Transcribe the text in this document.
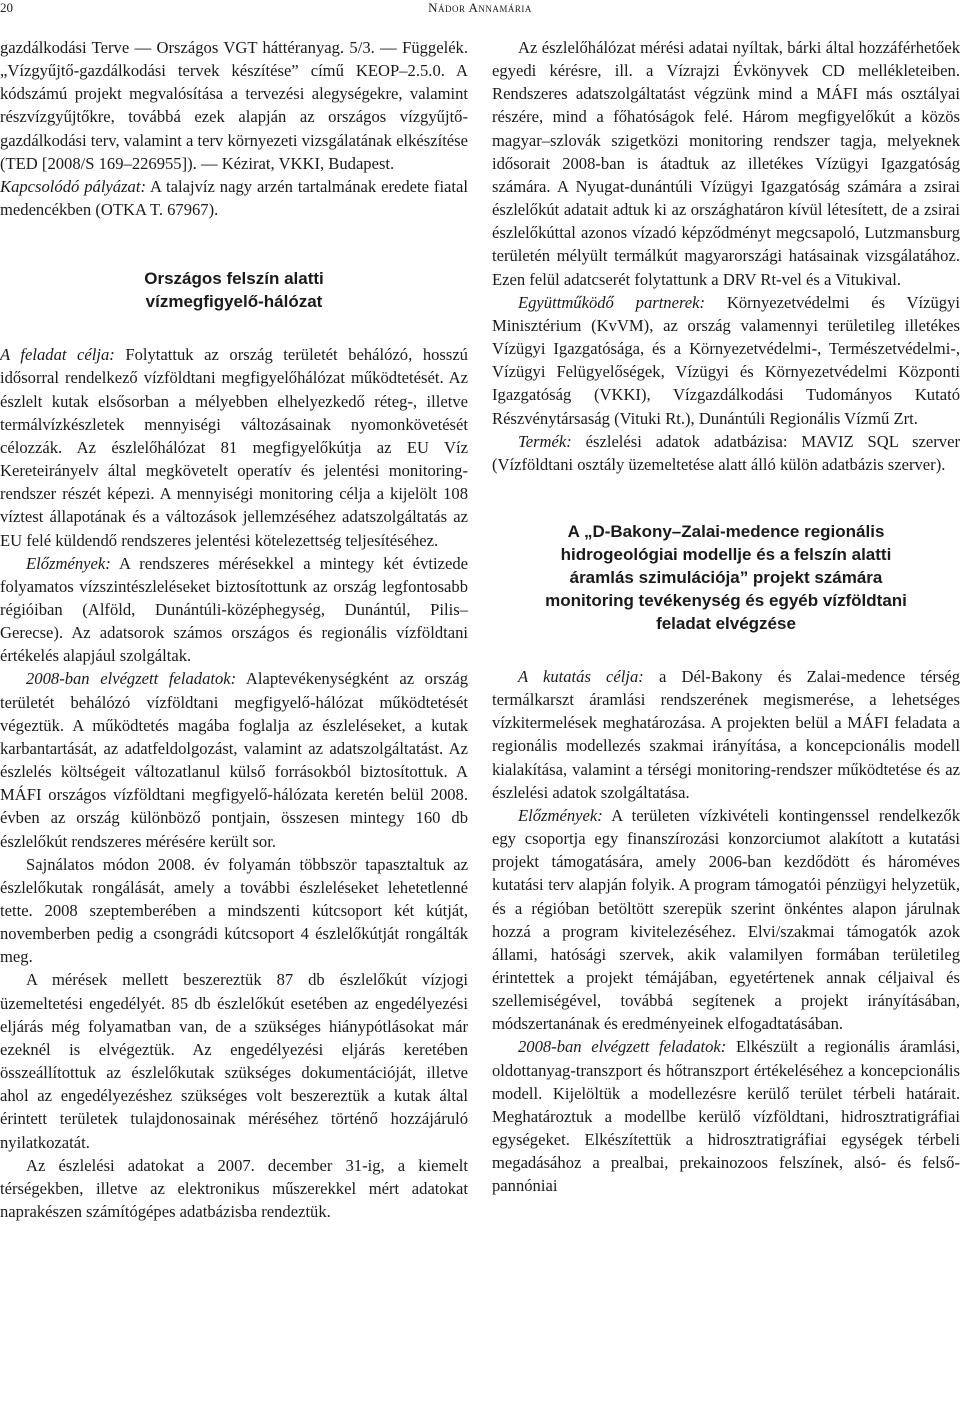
20	Nádor Annamária

gazdálkodási Terve — Országos VGT háttéranyag. 5/3. — Függelék. „Vízgyűjtő-gazdálkodási tervek készítése” című KEOP–2.5.0. A kódszámú projekt megvalósítása a tervezési alegységekre, valamint részvízgyűjtőkre, továbbá ezek alapján az országos vízgyűjtő-gazdálkodási terv, valamint a terv környezeti vizsgálatának elkészítése (TED [2008/S 169–226955]). — Kézirat, VKKI, Budapest.

Kapcsolódó pályázat: A talajvíz nagy arzén tartalmának eredete fiatal medencékben (OTKA T. 67967).

Országos felszín alatti
vízmegfigyelő-hálózat

A feladat célja: Folytattuk az ország területét behálózó, hosszú idősorral rendelkező vízföldtani megfigyelőhálózat működtetését. Az észlelt kutak elsősorban a mélyebben elhelyezkedő réteg-, illetve termálvízkészletek mennyiségi változásainak nyomonkövetését célozzák. Az észlelőhálózat 81 megfigyelőkútja az EU Víz Kereteirányelv által megkövetelt operatív és jelentési monitoring-rendszer részét képezi. A mennyiségi monitoring célja a kijelölt 108 víztest állapotának és a változások jellemzéséhez adatszolgáltatás az EU felé küldendő rendszeres jelentési kötelezettség teljesítéséhez.

Előzmények: A rendszeres mérésekkel a mintegy két évtizede folyamatos vízszintészleléseket biztosítottunk az ország legfontosabb régióiban (Alföld, Dunántúli-középhegység, Dunántúl, Pilis–Gerecse). Az adatsorok számos országos és regionális vízföldtani értékelés alapjául szolgáltak.

2008-ban elvégzett feladatok: Alaptevékenységként az ország területét behálózó vízföldtani megfigyelő-hálózat működtetését végeztük. A működtetés magába foglalja az észleléseket, a kutak karbantartását, az adatfeldolgozást, valamint az adatszolgáltatást. Az észlelés költségeit változatlanul külső forrásokból biztosítottuk. A MÁFI országos vízföldtani megfigyelő-hálózata keretén belül 2008. évben az ország különböző pontjain, összesen mintegy 160 db észlelőkút rendszeres mérésére került sor.

Sajnálatos módon 2008. év folyamán többször tapasztaltuk az észlelőkutak rongálását, amely a további észleléseket lehetetlenné tette. 2008 szeptemberében a mindszenti kútcsoport két kútját, novemberben pedig a csongrádi kútcsoport 4 észlelőkútját rongálták meg.

A mérések mellett beszereztük 87 db észlelőkút vízjogi üzemeltetési engedélyét. 85 db észlelőkút esetében az engedélyezési eljárás még folyamatban van, de a szükséges hiánypótlásokat már ezeknél is elvégeztük. Az engedélyezési eljárás keretében összeállítottuk az észlelőkutak szükséges dokumentációját, illetve ahol az engedélyezéshez szükséges volt beszereztük a kutak által érintett területek tulajdonosainak méréséhez történő hozzájáruló nyilatkozatát.

Az észlelési adatokat a 2007. december 31-ig, a kiemelt térségekben, illetve az elektronikus műszerekkel mért adatokat naprakészen számítógépes adatbázisba rendeztük.

Az észlelőhálózat mérési adatai nyíltak, bárki által hozzáférhetőek egyedi kérésre, ill. a Vízrajzi Évkönyvek CD mellékleteiben. Rendszeres adatszolgáltatást végzünk mind a MÁFI más osztályai részére, mind a főhatóságok felé. Három megfigyelőkút a közös magyar–szlovák szigetközi monitoring rendszer tagja, melyeknek idősorait 2008-ban is átadtuk az illetékes Vízügyi Igazgatóság számára. A Nyugat-dunántúli Vízügyi Igazgatóság számára a zsirai észlelőkút adatait adtuk ki az országhatáron kívül létesített, de a zsirai észlelőkúttal azonos vízadó képződményt megcsapoló, Lutzmansburg területén mélyült termálkút magyarországi hatásainak vizsgálatához. Ezen felül adatcserét folytattunk a DRV Rt-vel és a Vitukival.

Együttműködő partnerek: Környezetvédelmi és Vízügyi Minisztérium (KvVM), az ország valamennyi területileg illetékes Vízügyi Igazgatósága, és a Környezetvédelmi-, Természetvédelmi-, Vízügyi Felügyelőségek, Vízügyi és Környezetvédelmi Központi Igazgatóság (VKKI), Vízgazdálkodási Tudományos Kutató Részvénytársaság (Vituki Rt.), Dunántúli Regionális Vízmű Zrt.

Termék: észlelési adatok adatbázisa: MAVIZ SQL szerver (Vízföldtani osztály üzemeltetése alatt álló külön adatbázis szerver).

A „D-Bakony–Zalai-medence regionális
hidrogeológiai modellje és a felszín alatti
áramlás szimulációja” projekt számára
monitoring tevékenység és egyéb vízföldtani
feladat elvégzése

A kutatás célja: a Dél-Bakony és Zalai-medence térség termálkarszt áramlási rendszerének megismerése, a lehetséges vízkitermelések meghatározása. A projekten belül a MÁFI feladata a regionális modellezés szakmai irányítása, a koncepcionális modell kialakítása, valamint a térségi monitoring-rendszer működtetése és az észlelési adatok szolgáltatása.

Előzmények: A területen vízkivételi kontingenssel rendelkezők egy csoportja egy finanszírozási konzorciumot alakított a kutatási projekt támogatására, amely 2006-ban kezdődött és hároméves kutatási terv alapján folyik. A program támogatói pénzügyi helyzetük, és a régióban betöltött szerepük szerint önkéntes alapon járulnak hozzá a program kivitelezéséhez. Elvi/szakmai támogatók azok állami, hatósági szervek, akik valamilyen formában területileg érintettek a projekt témájában, egyetértenek annak céljaival és szellemiségével, továbbá segítenek a projekt irányításában, módszertanának és eredményeinek elfogadtatásában.

2008-ban elvégzett feladatok: Elkészült a regionális áramlási, oldottanyag-transzport és hőtranszport értékeléséhez a koncepcionális modell. Kijelöltük a modellezésre kerülő terület térbeli határait. Meghatároztuk a modellbe kerülő vízföldtani, hidrosztratigráfiai egységeket. Elkészítettük a hidrosztratigráfiai egységek térbeli megadásához a prealbai, prekainozoos felszínek, alsó- és felső-pannóniai
